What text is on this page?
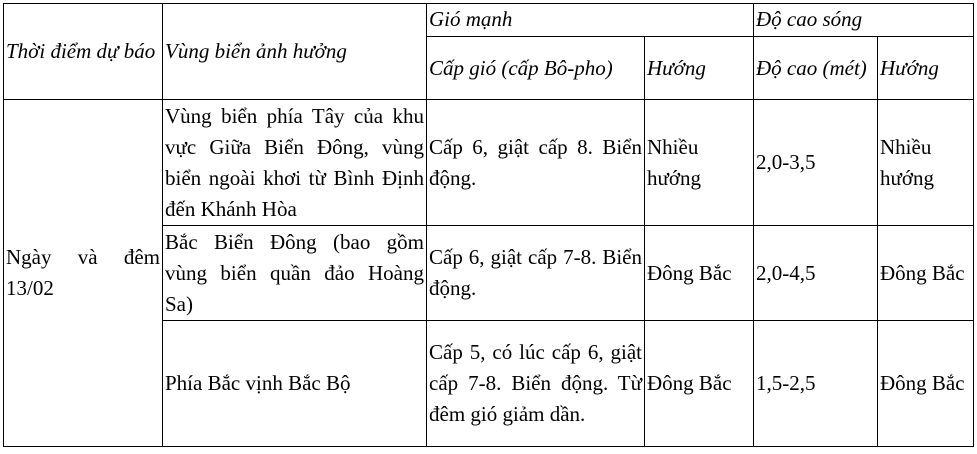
Thời điểm dự báo	Vùng biển ảnh hưởng	Gió mạnh		Độ cao sóng	
		Cấp gió (cấp Bô-pho)	Hướng	Độ cao (mét)	Hướng
Ngày và đêm 13/02	Vùng biển phía Tây của khu vực Giữa Biển Đông, vùng biển ngoài khơi từ Bình Định đến Khánh Hòa	Cấp 6, giật cấp 8. Biển động.	Nhiều hướng	2,0-3,5	Nhiều hướng
	Bắc Biển Đông (bao gồm vùng biển quần đảo Hoàng Sa)	Cấp 6, giật cấp 7-8. Biển động.	Đông Bắc	2,0-4,5	Đông Bắc
	Phía Bắc vịnh Bắc Bộ	Cấp 5, có lúc cấp 6, giật cấp 7-8. Biển động. Từ đêm gió giảm dần.	Đông Bắc	1,5-2,5	Đông Bắc
